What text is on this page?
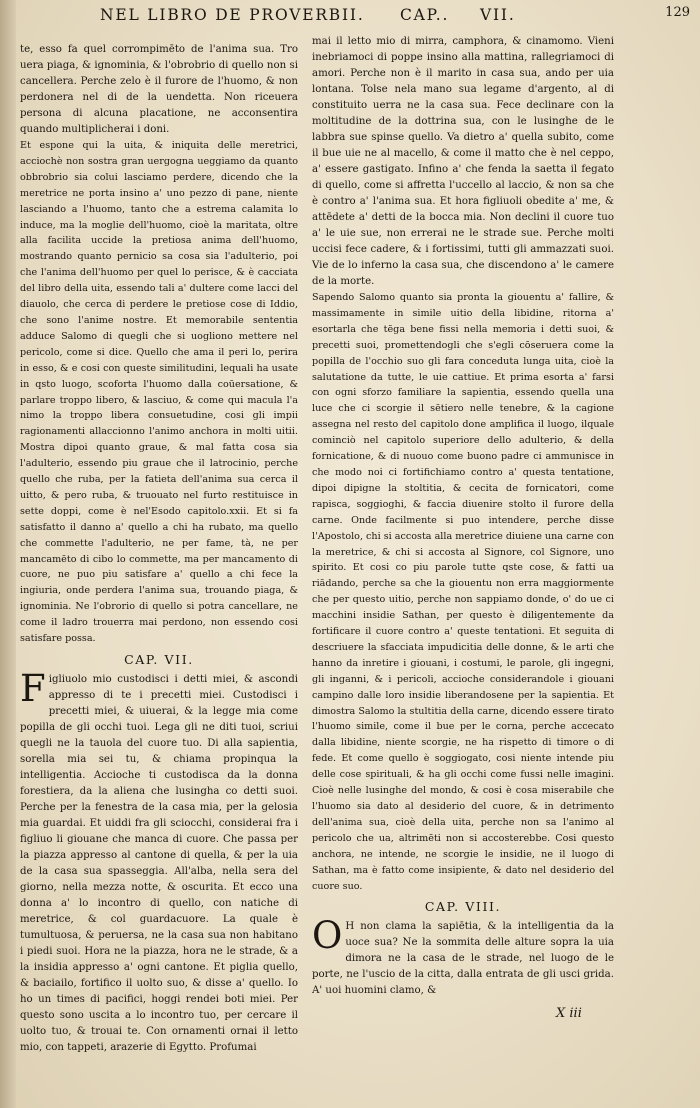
NEL LIBRO DE PROVERBII. CAP.. VII.	129

te, esso fa quel corrompimēto de l'anima sua. Tro uera piaga, & ignominia, & l'obrobrio di quello non si cancellera. Perche zelo è il furore de l'huomo, & non perdonera nel di de la uendetta. Non riceuera persona di alcuna placatione, ne acconsentira quando multiplicherai i doni.

Et espone qui la uita, & iniquita delle meretrici, acciochè non sostra gran uergogna ueggiamo da quanto obbrobrio sia colui lasciamo perdere, dicendo che la meretrice ne porta insino a' uno pezzo di pane, niente lasciando a l'huomo, tanto che a estrema calamita lo induce, ma la moglie dell'huomo, cioè la maritata, oltre alla facilita uccide la pretiosa anima dell'huomo, mostrando quanto pernicio sa cosa sia l'adulterio, poi che l'anima dell'huomo per quel lo perisce, & è cacciata del libro della uita, essendo tali a' dultere come lacci del diauolo, che cerca di perdere le pretiose cose di Iddio, che sono l'anime nostre. Et memorabile sententia adduce Salomo di quegli che si uogliono mettere nel pericolo, come si dice. Quello che ama il peri lo, perira in esso, & e cosi con queste similitudini, lequali ha usate in qsto luogo, scoforta l'huomo dalla coūersatione, & parlare troppo libero, & lasciuo, & come qui macula l'a nimo la troppo libera consuetudine, cosi gli impii ragionamenti allaccionno l'animo anchora in molti uitii. Mostra dipoi quanto graue, & mal fatta cosa sia l'adulterio, essendo piu graue che il latrocinio, perche quello che ruba, per la fatieta dell'anima sua cerca il uitto, & pero ruba, & truouato nel furto restituisce in sette doppi, come è nel'Esodo capitolo.xxii. Et si fa satisfatto il danno a' quello a chi ha rubato, ma quello che commette l'adulterio, ne per fame, tà, ne per mancamēto di cibo lo commette, ma per mancamento di cuore, ne puo piu satisfare a' quello a chi fece la ingiuria, onde perdera l'anima sua, trouando piaga, & ignominia. Ne l'obrorio di quello si potra cancellare, ne come il ladro trouerra mai perdono, non essendo cosi satisfare possa.

CAP. VII.

Figliuolo mio custodisci i detti miei, & ascondi appresso di te i precetti miei. Custodisci i precetti miei, & uiuerai, & la legge mia come popilla de gli occhi tuoi. Lega gli ne diti tuoi, scriui quegli ne la tauola del cuore tuo. Di alla sapientia, sorella mia sei tu, & chiama propinqua la intelligentia. Accioche ti custodisca da la donna forestiera, da la aliena che lusingha co detti suoi. Perche per la fenestra de la casa mia, per la gelosia mia guardai. Et uiddi fra gli sciocchi, considerai fra i figliuo li giouane che manca di cuore. Che passa per la piazza appresso al cantone di quella, & per la uia de la casa sua spasseggia. All'alba, nella sera del giorno, nella mezza notte, & oscurita. Et ecco una donna a' lo incontro di quello, con natiche di meretrice, & col guardacuore. La quale è tumultuosa, & peruersa, ne la casa sua non habitano i piedi suoi. Hora ne la piazza, hora ne le strade, & a la insidia appresso a' ogni cantone. Et piglia quello, & baciailo, fortifico il uolto suo, & disse a' quello. Io ho un times di pacifici, hoggi rendei boti miei. Per questo sono uscita a lo incontro tuo, per cercare il uolto tuo, & trouai te. Con ornamenti ornai il letto mio, con tappeti, arazerie di Egytto. Profumai

mai il letto mio di mirra, camphora, & cinamomo. Vieni inebriamoci di poppe insino alla mattina, rallegriamoci di amori. Perche non è il marito in casa sua, ando per uia lontana. Tolse nela mano sua legame d'argento, al di constituito uerra ne la casa sua. Fece declinare con la moltitudine de la dottrina sua, con le lusinghe de le labbra sue spinse quello. Va dietro a' quella subito, come il bue uie ne al macello, & come il matto che è nel ceppo, a' essere gastigato. Infino a' che fenda la saetta il fegato di quello, come si affretta l'uccello al laccio, & non sa che è contro a' l'anima sua. Et hora figliuoli obedite a' me, & attēdete a' detti de la bocca mia. Non declini il cuore tuo a' le uie sue, non errerai ne le strade sue. Perche molti uccisi fece cadere, & i fortissimi, tutti gli ammazzati suoi. Vie de lo inferno la casa sua, che discendono a' le camere de la morte.

Sapendo Salomo quanto sia pronta la giouentu a' fallire, & massimamente in simile uitio della libidine, ritorna a' esortarla che tēga bene fissi nella memoria i detti suoi, & precetti suoi, promettendogli che s'egli cōseruera come la popilla de l'occhio suo gli fara conceduta lunga uita, cioè la salutatione da tutte, le uie cattiue. Et prima esorta a' farsi con ogni sforzo familiare la sapientia, essendo quella una luce che ci scorgie il sētiero nelle tenebre, & la cagione assegna nel resto del capitolo done amplifica il luogo, ilquale cominciò nel capitolo superiore dello adulterio, & della fornicatione, & di nuouo come buono padre ci ammunisce in che modo noi ci fortifichiamo contro a' questa tentatione, dipoi dipigne la stoltitia, & cecita de fornicatori, come rapisca, soggioghi, & faccia diuenire stolto il furore della carne. Onde facilmente si puo intendere, perche disse l'Apostolo, chi si accosta alla meretrice diuiene una carne con la meretrice, & chi si accosta al Signore, col Signore, uno spirito. Et cosi co piu parole tutte qste cose, & fatti ua riādando, perche sa che la giouentu non erra maggiormente che per questo uitio, perche non sappiamo donde, o' do ue ci macchini insidie Sathan, per questo è diligentemente da fortificare il cuore contro a' queste tentationi. Et seguita di descriuere la sfacciata impudicitia delle donne, & le arti che hanno da inretire i giouani, i costumi, le parole, gli ingegni, gli inganni, & i pericoli, accioche considerandole i giouani campino dalle loro insidie liberandosene per la sapientia. Et dimostra Salomo la stultitia della carne, dicendo essere tirato l'huomo simile, come il bue per le corna, perche accecato dalla libidine, niente scorgie, ne ha rispetto di timore o di fede. Et come quello è soggiogato, cosi niente intende piu delle cose spirituali, & ha gli occhi come fussi nelle imagini. Cioè nelle lusinghe del mondo, & cosi è cosa miserabile che l'huomo sia dato al desiderio del cuore, & in detrimento dell'anima sua, cioè della uita, perche non sa l'animo al pericolo che ua, altrimēti non si accosterebbe. Cosi questo anchora, ne intende, ne scorgie le insidie, ne il luogo di Sathan, ma è fatto come insipiente, & dato nel desiderio del cuore suo.

CAP. VIII.

OH non clama la sapiētia, & la intelligentia da la uoce sua? Ne la sommita delle alture sopra la uia dimora ne la casa de le strade, nel luogo de le porte, ne l'uscio de la citta, dalla entrata de gli usci grida. A' uoi huomini clamo, &

X iii
